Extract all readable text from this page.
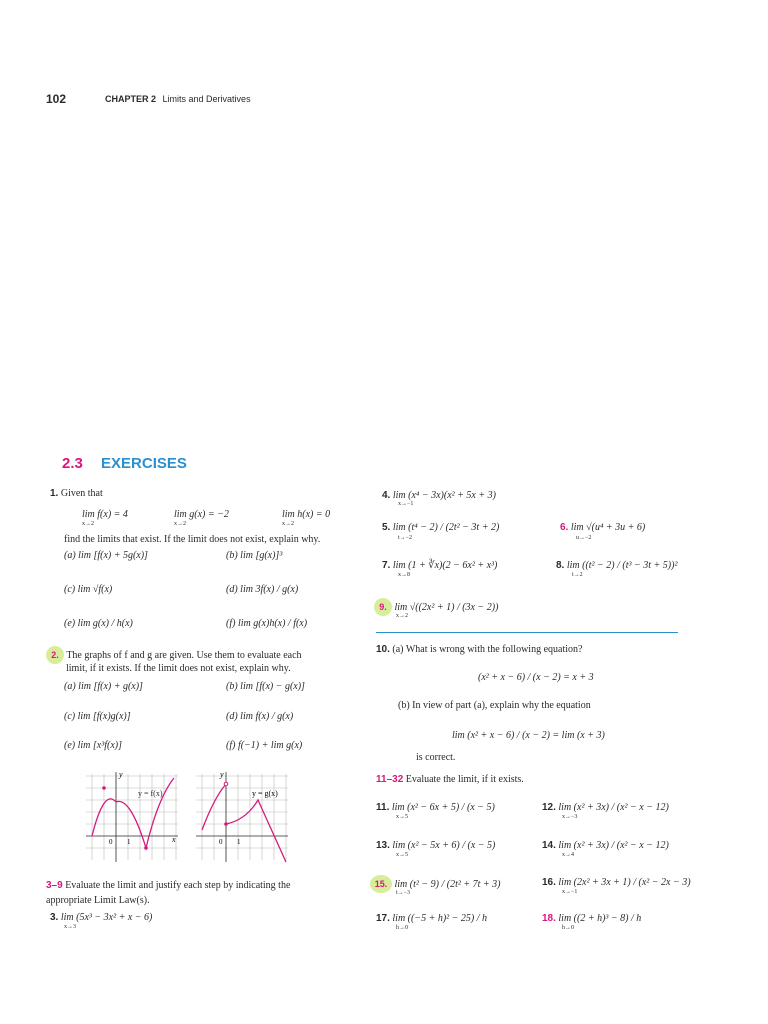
102	CHAPTER 2 Limits and Derivatives
2.3 EXERCISES
1. Given that
lim f(x) = 4	lim g(x) = −2	lim h(x) = 0
x→2	x→2	x→2
find the limits that exist. If the limit does not exist, explain why.
(a) lim [f(x) + 5g(x)]	(b) lim [g(x)]³
(c) lim √f(x)	(d) lim 3f(x) / g(x)
(e) lim g(x) / h(x)	(f) lim g(x)h(x) / f(x)
2. The graphs of f and g are given. Use them to evaluate each
limit, if it exists. If the limit does not exist, explain why.
(a) lim [f(x) + g(x)]	(b) lim [f(x) − g(x)]
(c) lim [f(x)g(x)]	(d) lim f(x) / g(x)
(e) lim [x³f(x)]	(f) f(−1) + lim g(x)
y = f(x)
y
x
0 1
y = g(x)
y
0 1
3–9 Evaluate the limit and justify each step by indicating the
appropriate Limit Law(s).
3. lim (5x³ − 3x² + x − 6)
x→3
4. lim (x⁴ − 3x)(x² + 5x + 3)
x→−1
5. lim (t⁴ − 2) / (2t² − 3t + 2)
t→−2
6. lim √(u⁴ + 3u + 6)
u→−2
7. lim (1 + ∛x)(2 − 6x² + x³)
x→8
8. lim ((t² − 2) / (t³ − 3t + 5))²
t→2
9. lim √((2x² + 1) / (3x − 2))
x→2
10. (a) What is wrong with the following equation?
(x² + x − 6) / (x − 2) = x + 3
(b) In view of part (a), explain why the equation
lim (x² + x − 6) / (x − 2) = lim (x + 3)
is correct.
11–32 Evaluate the limit, if it exists.
11. lim (x² − 6x + 5) / (x − 5)
x→5
12. lim (x² + 3x) / (x² − x − 12)
x→−3
13. lim (x² − 5x + 6) / (x − 5)
x→5
14. lim (x² + 3x) / (x² − x − 12)
x→4
15. lim (t² − 9) / (2t² + 7t + 3)
t→−3
16. lim (2x² + 3x + 1) / (x² − 2x − 3)
x→−1
17. lim ((−5 + h)² − 25) / h
h→0
18. lim ((2 + h)³ − 8) / h
h→0
